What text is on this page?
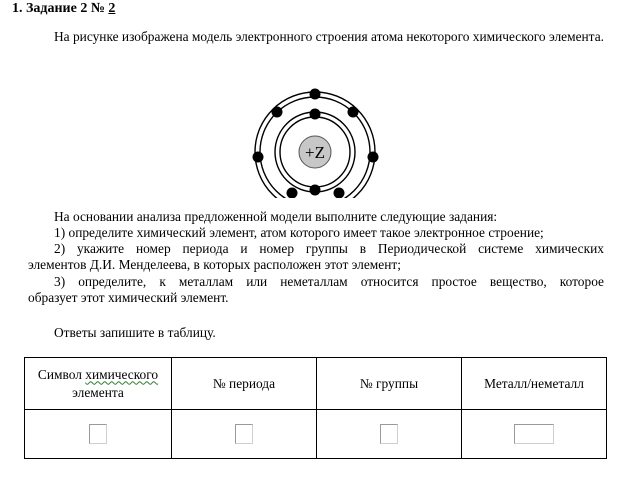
1. Задание 2 № 2
На рисунке изображена модель электронного строения атома некоторого химического элемента.
+Z
На основании анализа предложенной модели выполните следующие задания:
1) определите химический элемент, атом которого имеет такое электронное строение;
2) укажите номер периода и номер группы в Периодической системе химических
элементов Д.И. Менделеева, в которых расположен этот элемент;
3) определите, к металлам или неметаллам относится простое вещество, которое
образует этот химический элемент.
Ответы запишите в таблицу.
Символ химического
элемента	№ периода	№ группы	Металл/неметалл
